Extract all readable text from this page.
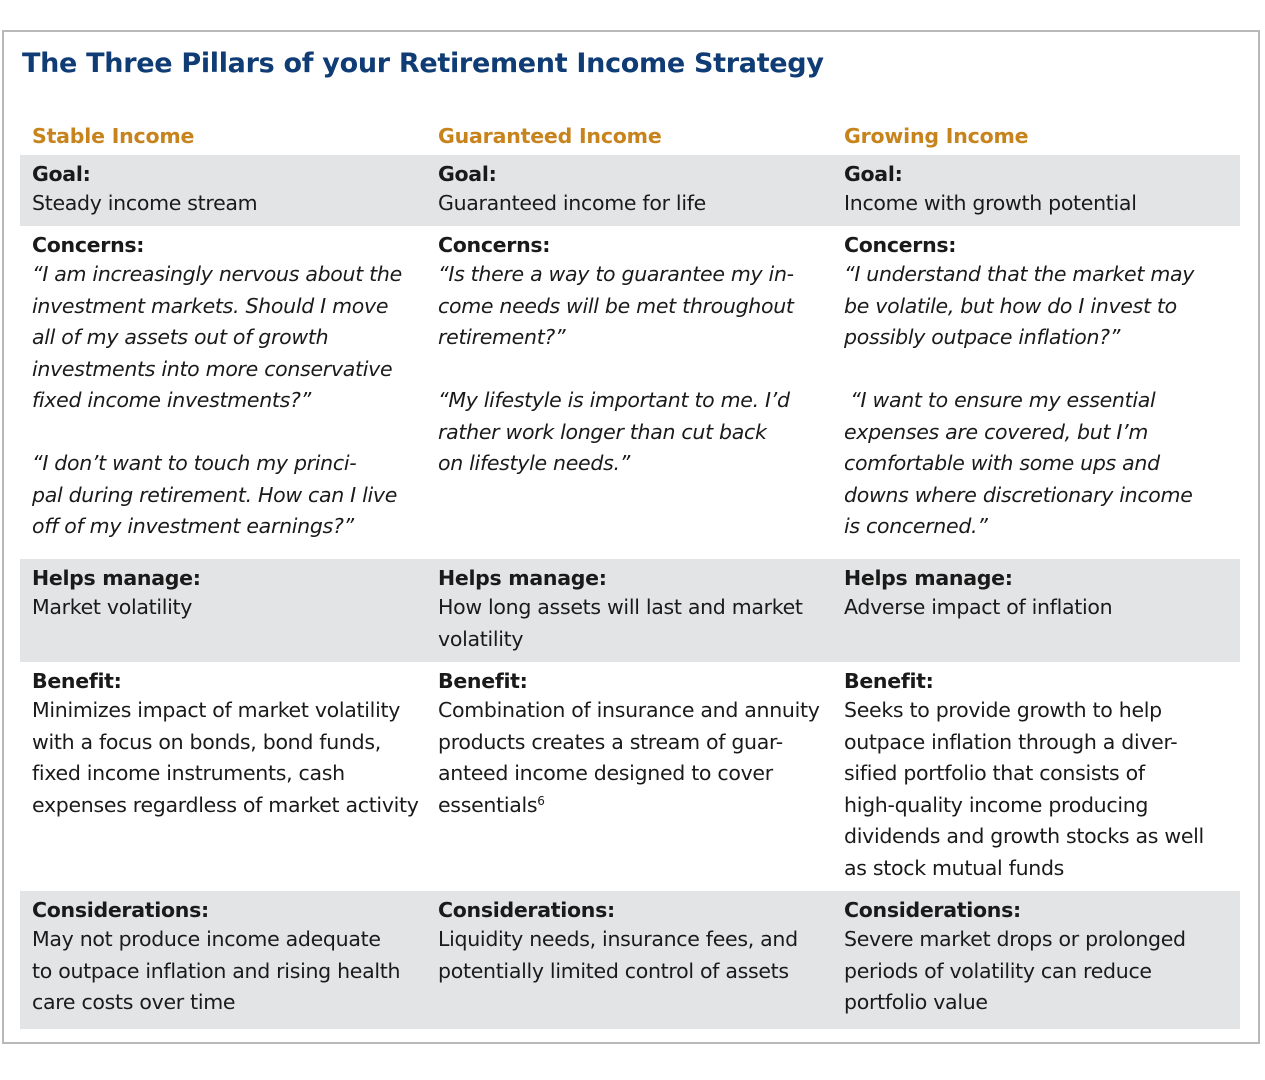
The Three Pillars of your Retirement Income Strategy
Stable Income	Guaranteed Income	Growing Income
Goal:
Steady income stream
Goal:
Guaranteed income for life
Goal:
Income with growth potential
Concerns:
“I am increasingly nervous about the
investment markets. Should I move
all of my assets out of growth
investments into more conservative
fixed income investments?”
“I don’t want to touch my princi-
pal during retirement. How can I live
off of my investment earnings?”
Concerns:
“Is there a way to guarantee my in-
come needs will be met throughout
retirement?”
“My lifestyle is important to me. I’d
rather work longer than cut back
on lifestyle needs.”
Concerns:
“I understand that the market may
be volatile, but how do I invest to
possibly outpace inflation?”
“I want to ensure my essential
expenses are covered, but I’m
comfortable with some ups and
downs where discretionary income
is concerned.”
Helps manage:
Market volatility
Helps manage:
How long assets will last and market
volatility
Helps manage:
Adverse impact of inflation
Benefit:
Minimizes impact of market volatility
with a focus on bonds, bond funds,
fixed income instruments, cash
expenses regardless of market activity
Benefit:
Combination of insurance and annuity
products creates a stream of guar-
anteed income designed to cover
essentials$^6$
Benefit:
Seeks to provide growth to help
outpace inflation through a diver-
sified portfolio that consists of
high-quality income producing
dividends and growth stocks as well
as stock mutual funds
Considerations:
May not produce income adequate
to outpace inflation and rising health
care costs over time
Considerations:
Liquidity needs, insurance fees, and
potentially limited control of assets
Considerations:
Severe market drops or prolonged
periods of volatility can reduce
portfolio value
